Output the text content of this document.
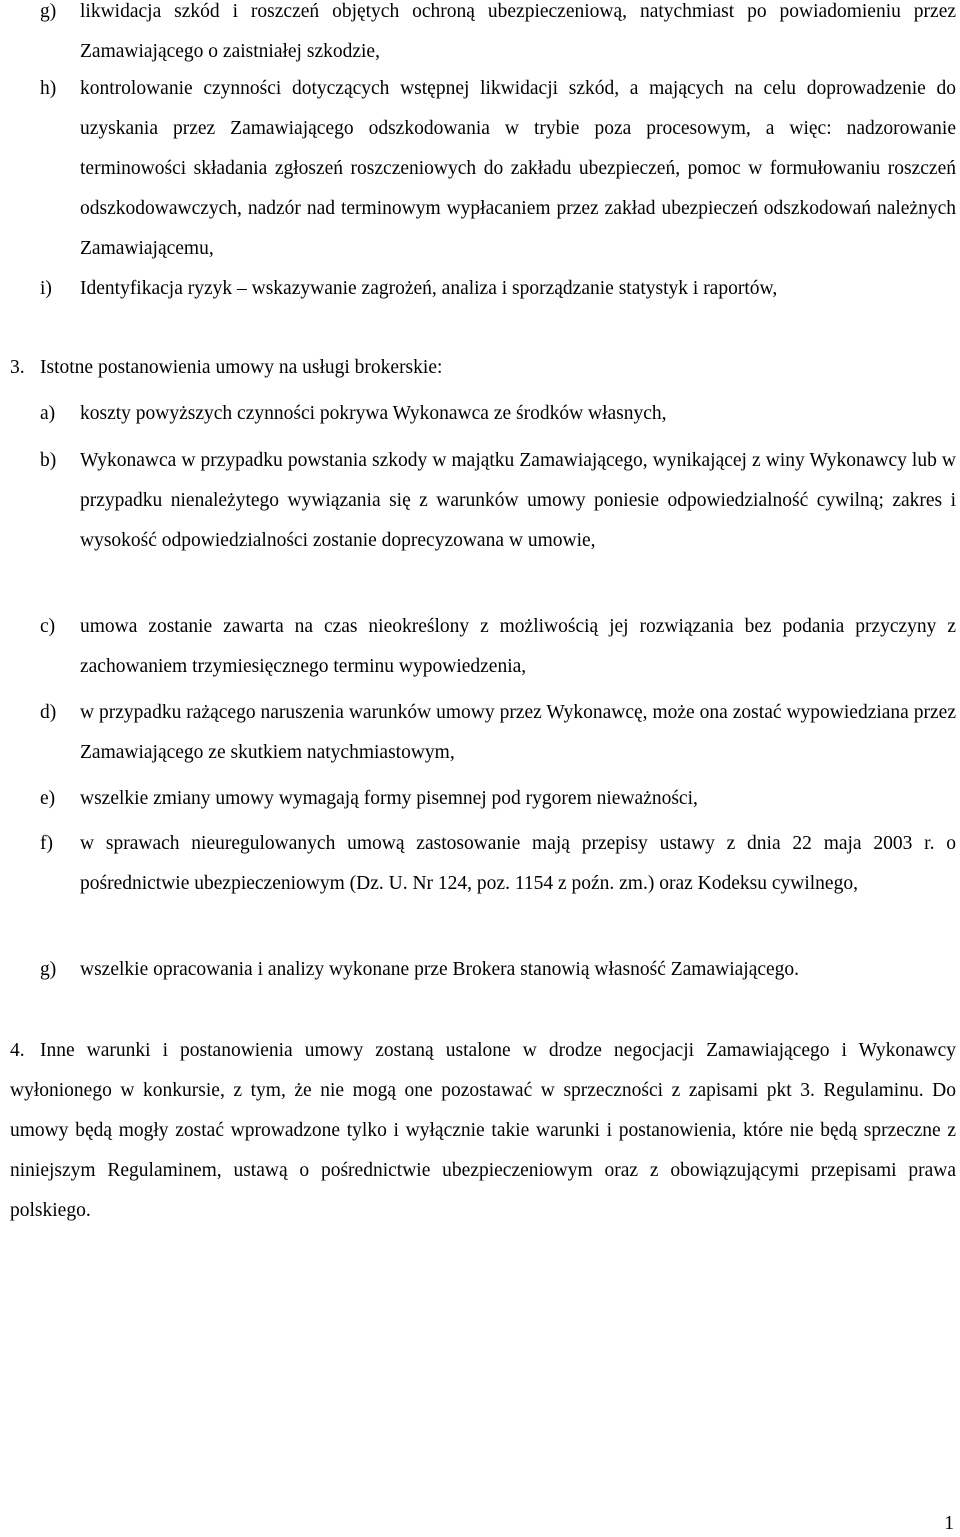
g) likwidacja szkód i roszczeń objętych ochroną ubezpieczeniową, natychmiast po powiadomieniu przez Zamawiającego o zaistniałej szkodzie,
h) kontrolowanie czynności dotyczących wstępnej likwidacji szkód, a mających na celu doprowadzenie do uzyskania przez Zamawiającego odszkodowania w trybie poza procesowym, a więc: nadzorowanie terminowości składania zgłoszeń roszczeniowych do zakładu ubezpieczeń, pomoc w formułowaniu roszczeń odszkodowawczych, nadzór nad terminowym wypłacaniem przez zakład ubezpieczeń odszkodowań należnych Zamawiającemu,
i) Identyfikacja ryzyk – wskazywanie zagrożeń, analiza i sporządzanie statystyk i raportów,
3. Istotne postanowienia umowy na usługi brokerskie:
a) koszty powyższych czynności pokrywa Wykonawca ze środków własnych,
b) Wykonawca w przypadku powstania szkody w majątku Zamawiającego, wynikającej z winy Wykonawcy lub w przypadku nienależytego wywiązania się z warunków umowy poniesie odpowiedzialność cywilną; zakres i wysokość odpowiedzialności zostanie doprecyzowana w umowie,
c) umowa zostanie zawarta na czas nieokreślony z możliwością jej rozwiązania bez podania przyczyny z zachowaniem trzymiesięcznego terminu wypowiedzenia,
d) w przypadku rażącego naruszenia warunków umowy przez Wykonawcę, może ona zostać wypowiedziana przez Zamawiającego ze skutkiem natychmiastowym,
e) wszelkie zmiany umowy wymagają formy pisemnej pod rygorem nieważności,
f) w sprawach nieuregulowanych umową zastosowanie mają przepisy ustawy z dnia 22 maja 2003 r. o pośrednictwie ubezpieczeniowym (Dz. U. Nr 124, poz. 1154 z poźn. zm.) oraz Kodeksu cywilnego,
g) wszelkie opracowania i analizy wykonane prze Brokera stanowią własność Zamawiającego.
4. Inne warunki i postanowienia umowy zostaną ustalone w drodze negocjacji Zamawiającego i Wykonawcy wyłonionego w konkursie, z tym, że nie mogą one pozostawać w sprzeczności z zapisami pkt 3. Regulaminu. Do umowy będą mogły zostać wprowadzone tylko i wyłącznie takie warunki i postanowienia, które nie będą sprzeczne z niniejszym Regulaminem, ustawą o pośrednictwie ubezpieczeniowym oraz z obowiązującymi przepisami prawa polskiego.
1
